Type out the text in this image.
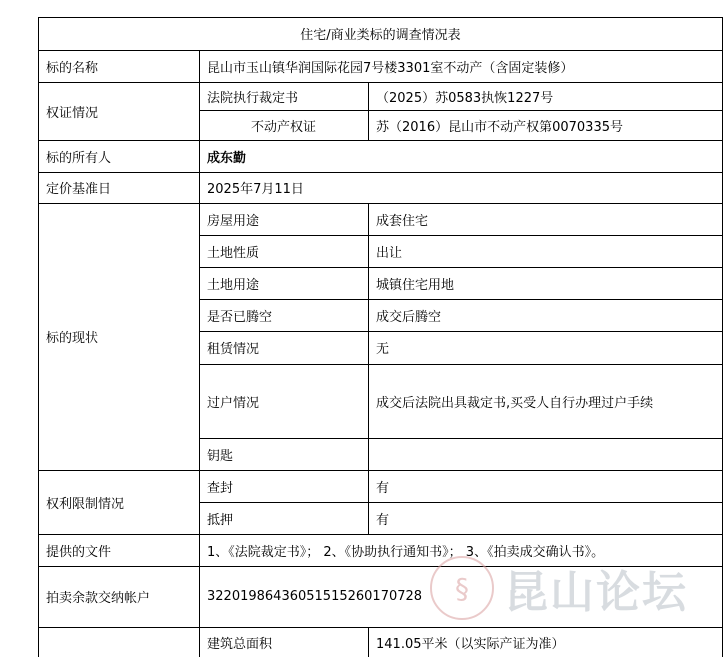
住宅/商业类标的调查情况表
标的名称	昆山市玉山镇华润国际花园7号楼3301室不动产（含固定装修）
权证情况
法院执行裁定书	（2025）苏0583执恢1227号
不动产权证	苏（2016）昆山市不动产权第0070335号
标的所有人	成东勤
定价基准日	2025年7月11日
标的现状
房屋用途	成套住宅
土地性质	出让
土地用途	城镇住宅用地
是否已腾空	成交后腾空
租赁情况	无
过户情况	成交后法院出具裁定书,买受人自行办理过户手续
钥匙
权利限制情况
查封	有
抵押	有
提供的文件	1、《法院裁定书》； 2、《协助执行通知书》； 3、《拍卖成交确认书》。
拍卖余款交纳帐户	322019864360515152601707​28
建筑总面积	141.05平米（以实际产证为准）
§ 昆山论坛
